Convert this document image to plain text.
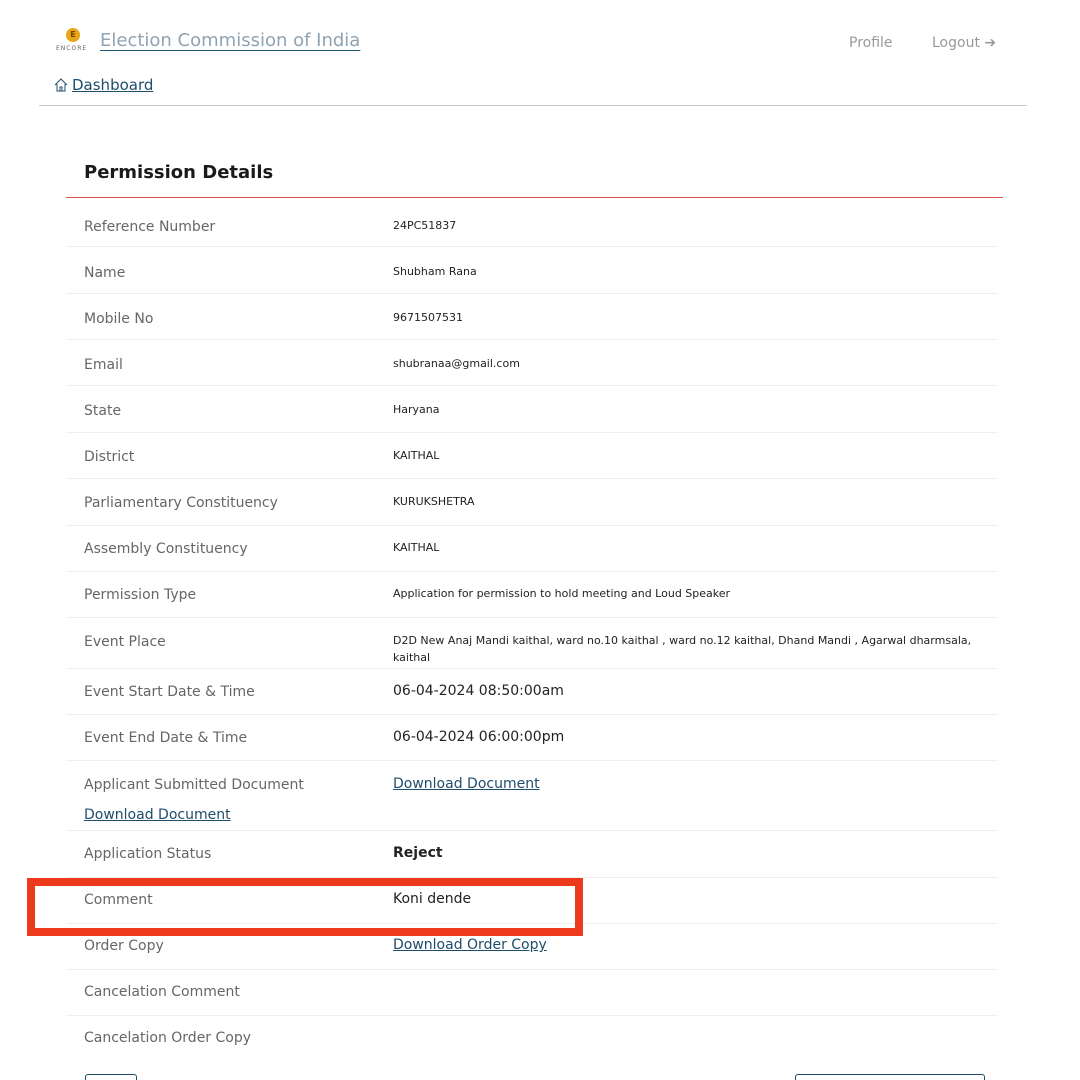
E
ENCORE Election Commission of India	Profile	Logout ➔
Dashboard
Permission Details
Reference Number	24PC51837
Name	Shubham Rana
Mobile No	9671507531
Email	shubranaa@gmail.com
State	Haryana
District	KAITHAL
Parliamentary Constituency	KURUKSHETRA
Assembly Constituency	KAITHAL
Permission Type	Application for permission to hold meeting and Loud Speaker
Event Place	D2D New Anaj Mandi kaithal, ward no.10 kaithal , ward no.12 kaithal, Dhand Mandi , Agarwal dharmsala, kaithal
Event Start Date & Time	06-04-2024 08:50:00am
Event End Date & Time	06-04-2024 06:00:00pm
Applicant Submitted Document	Download Document
Download Document
Application Status	Reject
Comment	Koni dende
Order Copy	Download Order Copy
Cancelation Comment
Cancelation Order Copy
